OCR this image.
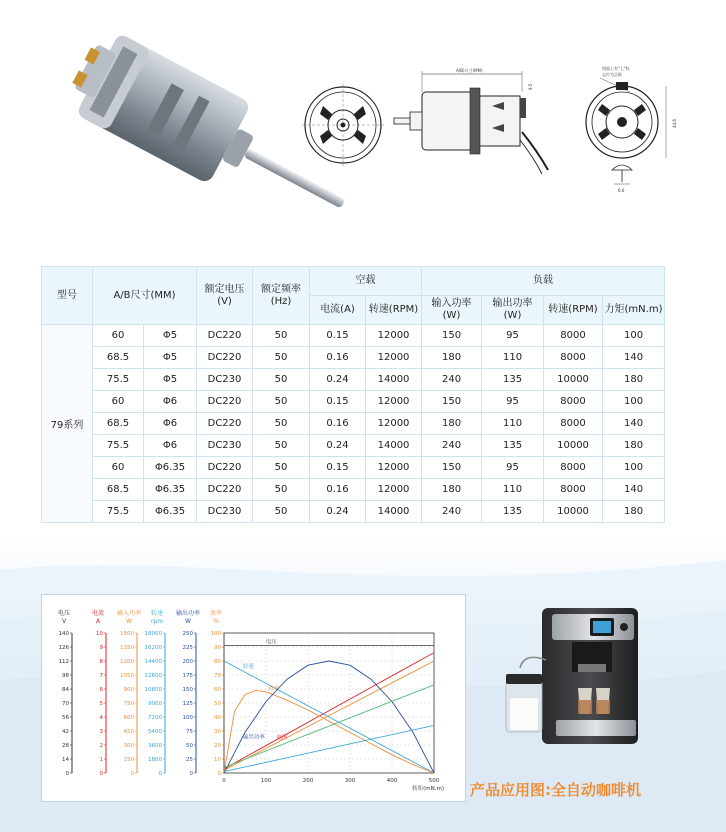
A(B)尺寸(MM)
9.5
图面上有"七"标
志位为正极
44.6
6.6
型号	A/B尺寸(MM)		额定电压
(V)	额定频率
(Hz)	空载		负载			
					电流(A)	转速(RPM)	输入功率
(W)	输出功率
(W)	转速(RPM)	力矩(mN.m)
79系列	60	Φ5	DC220	50	0.15	12000	150	95	8000	100
	68.5	Φ5	DC220	50	0.16	12000	180	110	8000	140
	75.5	Φ5	DC230	50	0.24	14000	240	135	10000	180
	60	Φ6	DC220	50	0.15	12000	150	95	8000	100
	68.5	Φ6	DC220	50	0.16	12000	180	110	8000	140
	75.5	Φ6	DC230	50	0.24	14000	240	135	10000	180
	60	Φ6.35	DC220	50	0.15	12000	150	95	8000	100
	68.5	Φ6.35	DC220	50	0.16	12000	180	110	8000	140
	75.5	Φ6.35	DC230	50	0.24	14000	240	135	10000	180
电压
V
140
126
112
98
84
70
56
42
28
14
0
电流
A
10
9
8
7
6
5
4
3
2
1
0
输入功率
W
1500
1350
1200
1050
900
750
600
450
300
150
0
转速
rpm
18000
16200
14400
12600
10800
9000
7200
5400
3600
1800
0
输出功率
W
250
225
200
175
150
125
100
75
50
25
0
效率
%
100
90
80
70
60
50
40
30
20
10
0
0	100	200	300	400	500
转矩(mN.m)
电压
转速
电流
效率
输出功率
产品应用图:全自动咖啡机
